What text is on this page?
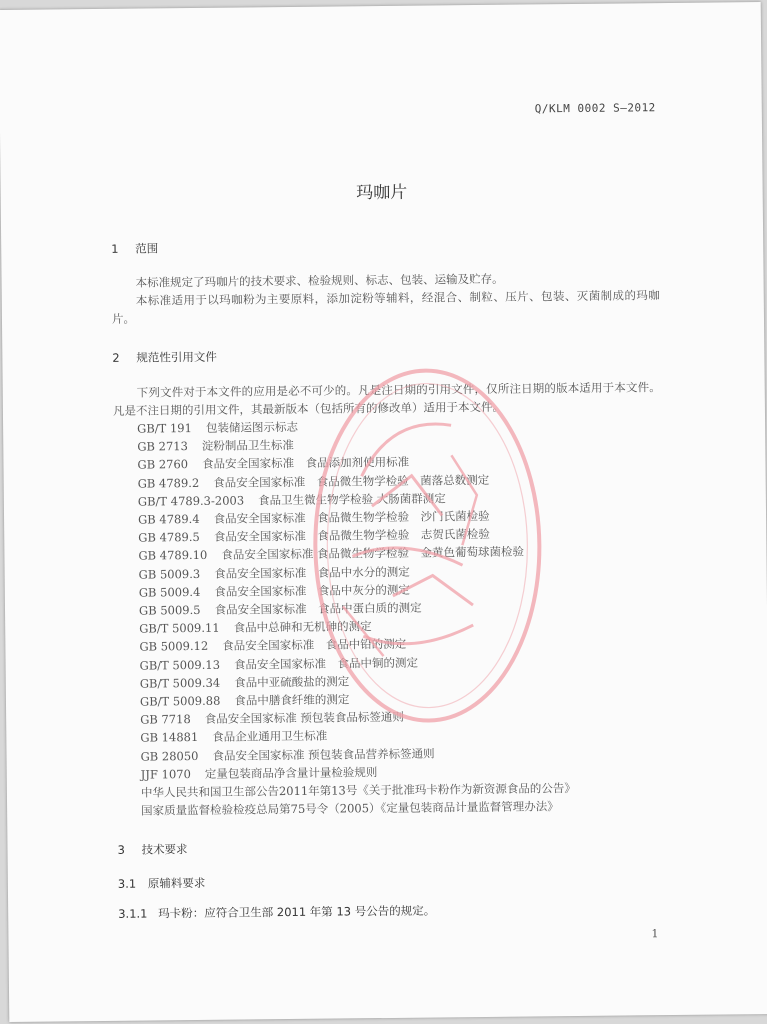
Q/KLM 0002 S—2012
玛咖片
1 范围
本标准规定了玛咖片的技术要求、检验规则、标志、包装、运输及贮存。
本标准适用于以玛咖粉为主要原料，添加淀粉等辅料，经混合、制粒、压片、包装、灭菌制成的玛咖片。
2 规范性引用文件
下列文件对于本文件的应用是必不可少的。凡是注日期的引用文件，仅所注日期的版本适用于本文件。凡是不注日期的引用文件，其最新版本（包括所有的修改单）适用于本文件。
GB/T 191 包装储运图示标志
GB 2713 淀粉制品卫生标准
GB 2760 食品安全国家标准　食品添加剂使用标准
GB 4789.2 食品安全国家标准　食品微生物学检验　菌落总数测定
GB/T 4789.3-2003 食品卫生微生物学检验 大肠菌群测定
GB 4789.4 食品安全国家标准　食品微生物学检验　沙门氏菌检验
GB 4789.5 食品安全国家标准　食品微生物学检验　志贺氏菌检验
GB 4789.10 食品安全国家标准 食品微生物学检验　金黄色葡萄球菌检验
GB 5009.3 食品安全国家标准　食品中水分的测定
GB 5009.4 食品安全国家标准　食品中灰分的测定
GB 5009.5 食品安全国家标准　食品中蛋白质的测定
GB/T 5009.11 食品中总砷和无机砷的测定
GB 5009.12 食品安全国家标准　食品中铅的测定
GB/T 5009.13 食品安全国家标准　食品中铜的测定
GB/T 5009.34 食品中亚硫酸盐的测定
GB/T 5009.88 食品中膳食纤维的测定
GB 7718 食品安全国家标准 预包装食品标签通则
GB 14881 食品企业通用卫生标准
GB 28050 食品安全国家标准 预包装食品营养标签通则
JJF 1070 定量包装商品净含量计量检验规则
中华人民共和国卫生部公告2011年第13号《关于批准玛卡粉作为新资源食品的公告》
国家质量监督检验检疫总局第75号令（2005）《定量包装商品计量监督管理办法》
3 技术要求
3.1 原辅料要求
3.1.1 玛卡粉：应符合卫生部 2011 年第 13 号公告的规定。
1
